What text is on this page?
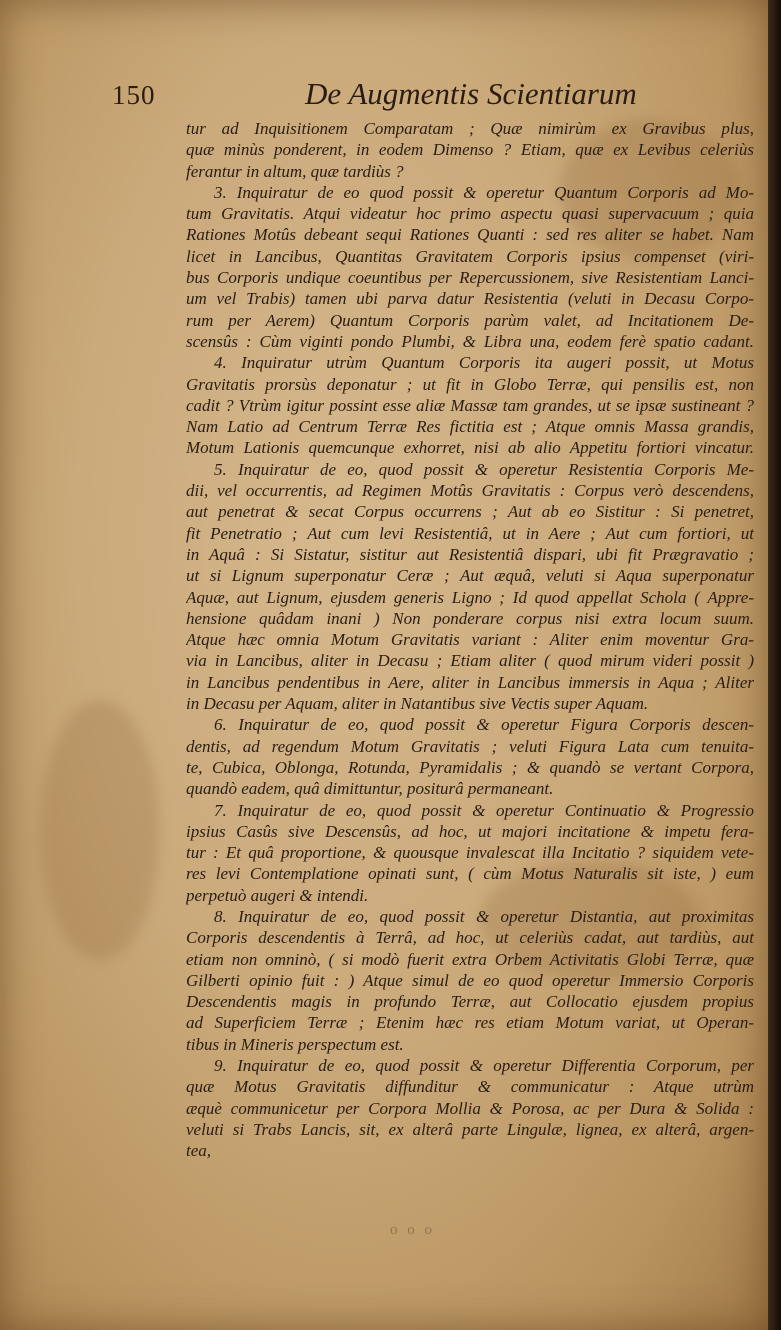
150	De Augmentis Scientiarum
tur ad Inquisitionem Comparatam ; Quæ nimirùm ex Gravibus plus,
quæ minùs ponderent, in eodem Dimenso ? Etiam, quæ ex Levibus celeriùs
ferantur in altum, quæ tardiùs ?
3. Inquiratur de eo quod possit & operetur Quantum Corporis ad Mo-
tum Gravitatis. Atqui videatur hoc primo aspectu quasi supervacuum ; quia
Rationes Motûs debeant sequi Rationes Quanti : sed res aliter se habet. Nam
licet in Lancibus, Quantitas Gravitatem Corporis ipsius compenset (viri-
bus Corporis undique coeuntibus per Repercussionem, sive Resistentiam Lanci-
um vel Trabis) tamen ubi parva datur Resistentia (veluti in Decasu Corpo-
rum per Aerem) Quantum Corporis parùm valet, ad Incitationem De-
scensûs : Cùm viginti pondo Plumbi, & Libra una, eodem ferè spatio cadant.
4. Inquiratur utrùm Quantum Corporis ita augeri possit, ut Motus
Gravitatis prorsùs deponatur ; ut fit in Globo Terræ, qui pensilis est, non
cadit ? Vtrùm igitur possint esse aliæ Massæ tam grandes, ut se ipsæ sustineant ?
Nam Latio ad Centrum Terræ Res fictitia est ; Atque omnis Massa grandis,
Motum Lationis quemcunque exhorret, nisi ab alio Appetitu fortiori vincatur.
5. Inquiratur de eo, quod possit & operetur Resistentia Corporis Me-
dii, vel occurrentis, ad Regimen Motûs Gravitatis : Corpus verò descendens,
aut penetrat & secat Corpus occurrens ; Aut ab eo Sistitur : Si penetret,
fit Penetratio ; Aut cum levi Resistentiâ, ut in Aere ; Aut cum fortiori, ut
in Aquâ : Si Sistatur, sistitur aut Resistentiâ dispari, ubi fit Prægravatio ;
ut si Lignum superponatur Ceræ ; Aut æquâ, veluti si Aqua superponatur
Aquæ, aut Lignum, ejusdem generis Ligno ; Id quod appellat Schola ( Appre-
hensione quâdam inani ) Non ponderare corpus nisi extra locum suum.
Atque hæc omnia Motum Gravitatis variant : Aliter enim moventur Gra-
via in Lancibus, aliter in Decasu ; Etiam aliter ( quod mirum videri possit )
in Lancibus pendentibus in Aere, aliter in Lancibus immersis in Aqua ; Aliter
in Decasu per Aquam, aliter in Natantibus sive Vectis super Aquam.
6. Inquiratur de eo, quod possit & operetur Figura Corporis descen-
dentis, ad regendum Motum Gravitatis ; veluti Figura Lata cum tenuita-
te, Cubica, Oblonga, Rotunda, Pyramidalis ; & quandò se vertant Corpora,
quandò eadem, quâ dimittuntur, positurâ permaneant.
7. Inquiratur de eo, quod possit & operetur Continuatio & Progressio
ipsius Casûs sive Descensûs, ad hoc, ut majori incitatione & impetu fera-
tur : Et quâ proportione, & quousque invalescat illa Incitatio ? siquidem vete-
res levi Contemplatione opinati sunt, ( cùm Motus Naturalis sit iste, ) eum
perpetuò augeri & intendi.
8. Inquiratur de eo, quod possit & operetur Distantia, aut proximitas
Corporis descendentis à Terrâ, ad hoc, ut celeriùs cadat, aut tardiùs, aut
etiam non omninò, ( si modò fuerit extra Orbem Activitatis Globi Terræ, quæ
Gilberti opinio fuit : ) Atque simul de eo quod operetur Immersio Corporis
Descendentis magis in profundo Terræ, aut Collocatio ejusdem propius
ad Superficiem Terræ ; Etenim hæc res etiam Motum variat, ut Operan-
tibus in Mineris perspectum est.
9. Inquiratur de eo, quod possit & operetur Differentia Corporum, per
quæ Motus Gravitatis diffunditur & communicatur : Atque utrùm
æquè communicetur per Corpora Mollia & Porosa, ac per Dura & Solida :
veluti si Trabs Lancis, sit, ex alterâ parte Lingulæ, lignea, ex alterâ, argen-
tea,
o o o
